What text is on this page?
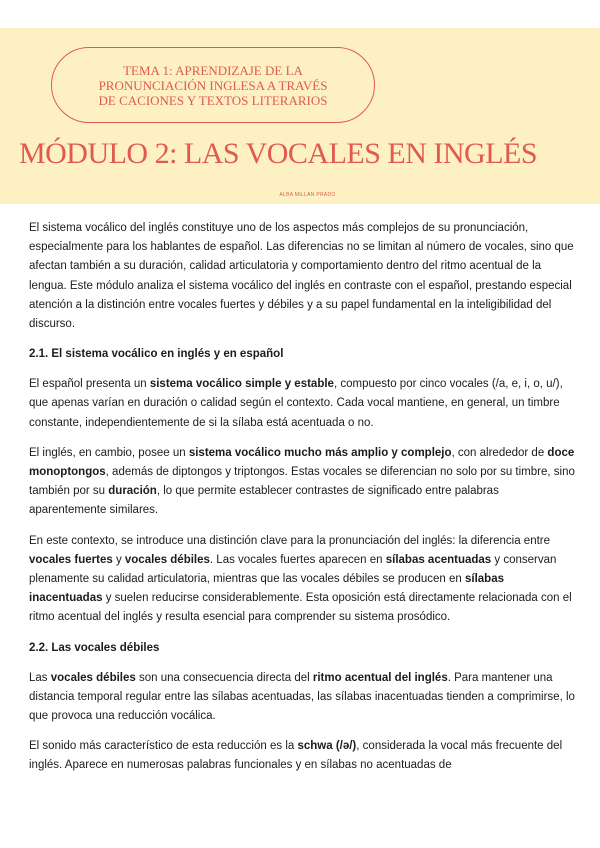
TEMA 1: APRENDIZAJE DE LA
PRONUNCIACIÓN INGLESA A TRAVÉS
DE CACIONES Y TEXTOS LITERARIOS
MÓDULO 2: LAS VOCALES EN INGLÉS
ALBA MILLÁN PRADO

El sistema vocálico del inglés constituye uno de los aspectos más complejos de su pronunciación, especialmente para los hablantes de español. Las diferencias no se limitan al número de vocales, sino que afectan también a su duración, calidad articulatoria y comportamiento dentro del ritmo acentual de la lengua. Este módulo analiza el sistema vocálico del inglés en contraste con el español, prestando especial atención a la distinción entre vocales fuertes y débiles y a su papel fundamental en la inteligibilidad del discurso.

2.1. El sistema vocálico en inglés y en español

El español presenta un sistema vocálico simple y estable, compuesto por cinco vocales (/a, e, i, o, u/), que apenas varían en duración o calidad según el contexto. Cada vocal mantiene, en general, un timbre constante, independientemente de si la sílaba está acentuada o no.

El inglés, en cambio, posee un sistema vocálico mucho más amplio y complejo, con alrededor de doce monoptongos, además de diptongos y triptongos. Estas vocales se diferencian no solo por su timbre, sino también por su duración, lo que permite establecer contrastes de significado entre palabras aparentemente similares.

En este contexto, se introduce una distinción clave para la pronunciación del inglés: la diferencia entre vocales fuertes y vocales débiles. Las vocales fuertes aparecen en sílabas acentuadas y conservan plenamente su calidad articulatoria, mientras que las vocales débiles se producen en sílabas inacentuadas y suelen reducirse considerablemente. Esta oposición está directamente relacionada con el ritmo acentual del inglés y resulta esencial para comprender su sistema prosódico.

2.2. Las vocales débiles

Las vocales débiles son una consecuencia directa del ritmo acentual del inglés. Para mantener una distancia temporal regular entre las sílabas acentuadas, las sílabas inacentuadas tienden a comprimirse, lo que provoca una reducción vocálica.

El sonido más característico de esta reducción es la schwa (/ə/), considerada la vocal más frecuente del inglés. Aparece en numerosas palabras funcionales y en sílabas no acentuadas de
